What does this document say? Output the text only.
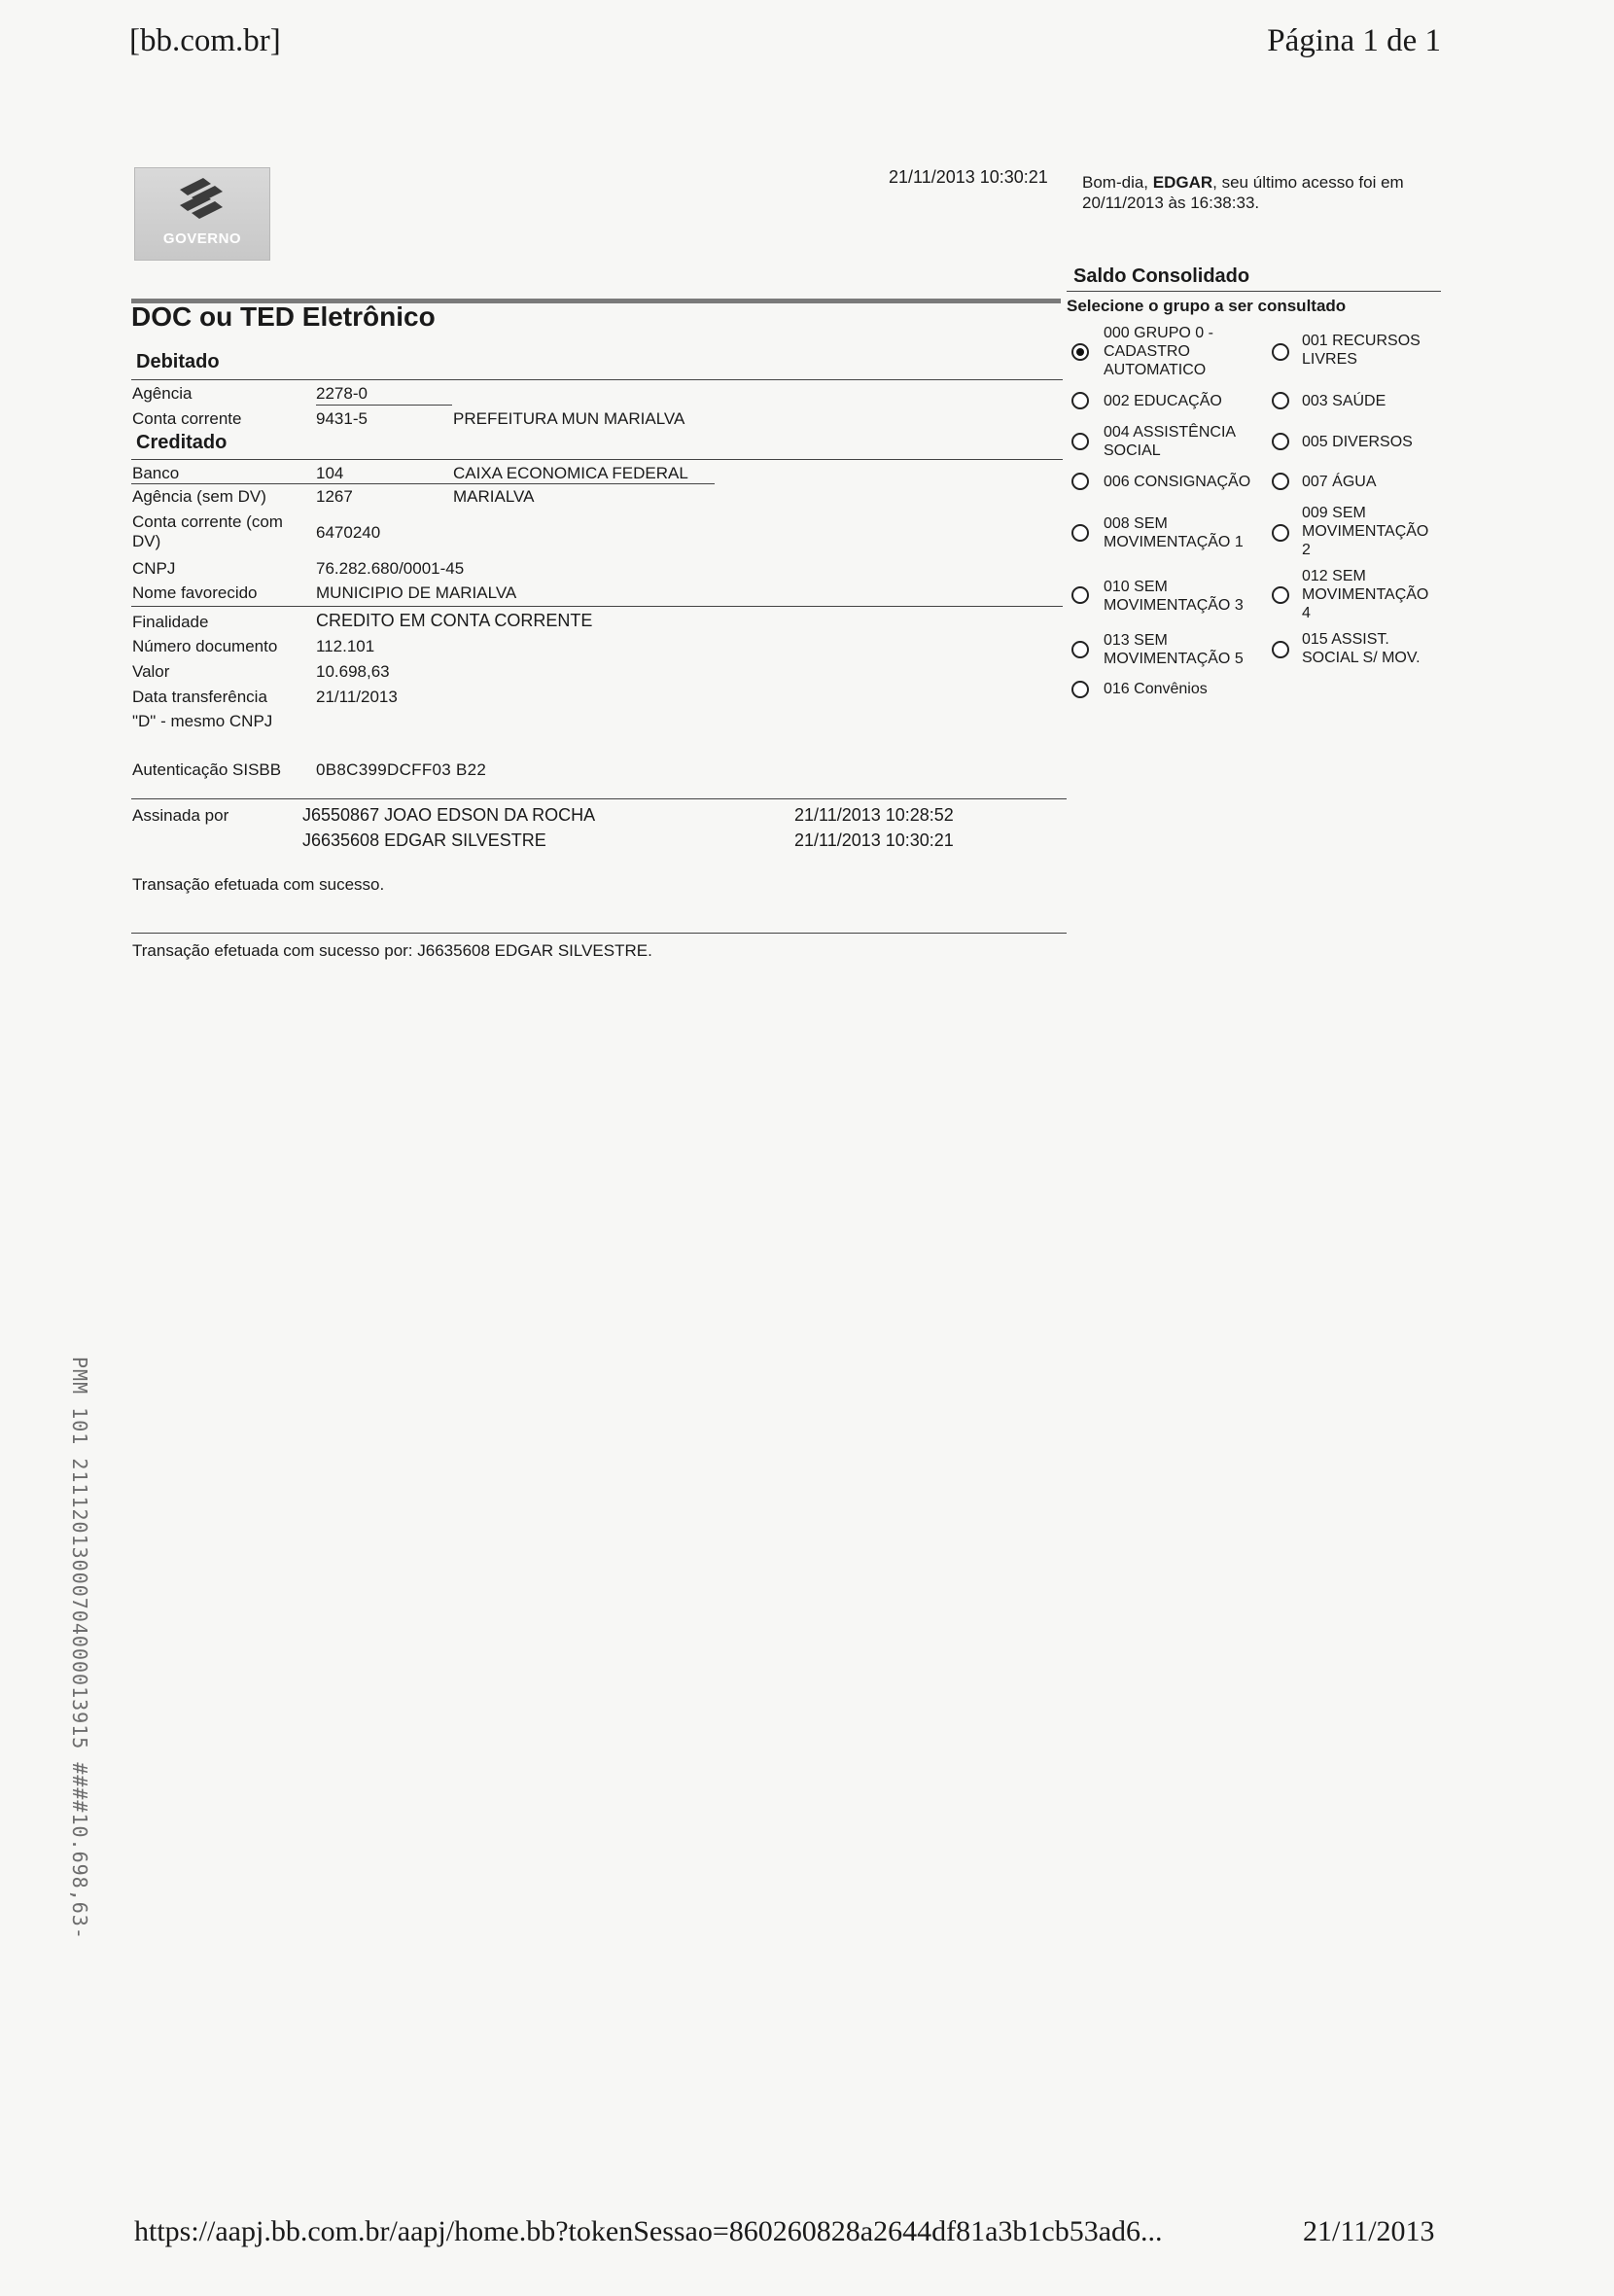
[bb.com.br]	Página 1 de 1
GOVERNO
21/11/2013 10:30:21 Bom-dia, EDGAR, seu último acesso foi em 20/11/2013 às 16:38:33.
DOC ou TED Eletrônico
Debitado
Agência	2278-0
Conta corrente	9431-5	PREFEITURA MUN MARIALVA
Creditado
Banco	104	CAIXA ECONOMICA FEDERAL
Agência (sem DV)	1267	MARIALVA
Conta corrente (com DV)	6470240
CNPJ	76.282.680/0001-45
Nome favorecido	MUNICIPIO DE MARIALVA
Finalidade	CREDITO EM CONTA CORRENTE
Número documento 112.101
Valor	10.698,63
Data transferência	21/11/2013
"D" - mesmo CNPJ
Autenticação SISBB 0B8C399DCFF03 B22
Assinada por	J6550867 JOAO EDSON DA ROCHA	21/11/2013 10:28:52
J6635608 EDGAR SILVESTRE	21/11/2013 10:30:21
Transação efetuada com sucesso.
Transação efetuada com sucesso por: J6635608 EDGAR SILVESTRE.
Saldo Consolidado
Selecione o grupo a ser consultado
000 GRUPO 0 - CADASTRO AUTOMATICO
001 RECURSOS LIVRES
002 EDUCAÇÃO	003 SAÚDE
004 ASSISTÊNCIA SOCIAL
005 DIVERSOS
006 CONSIGNAÇÃO	007 ÁGUA
008 SEM MOVIMENTAÇÃO 1
009 SEM MOVIMENTAÇÃO 2
010 SEM MOVIMENTAÇÃO 3
012 SEM MOVIMENTAÇÃO 4
013 SEM MOVIMENTAÇÃO 5
015 ASSIST. SOCIAL S/ MOV.
016 Convênios
PMM 101 21112013000704000013915 ####10.698,63-
https://aapj.bb.com.br/aapj/home.bb?tokenSessao=860260828a2644df81a3b1cb53ad6...	21/11/2013
